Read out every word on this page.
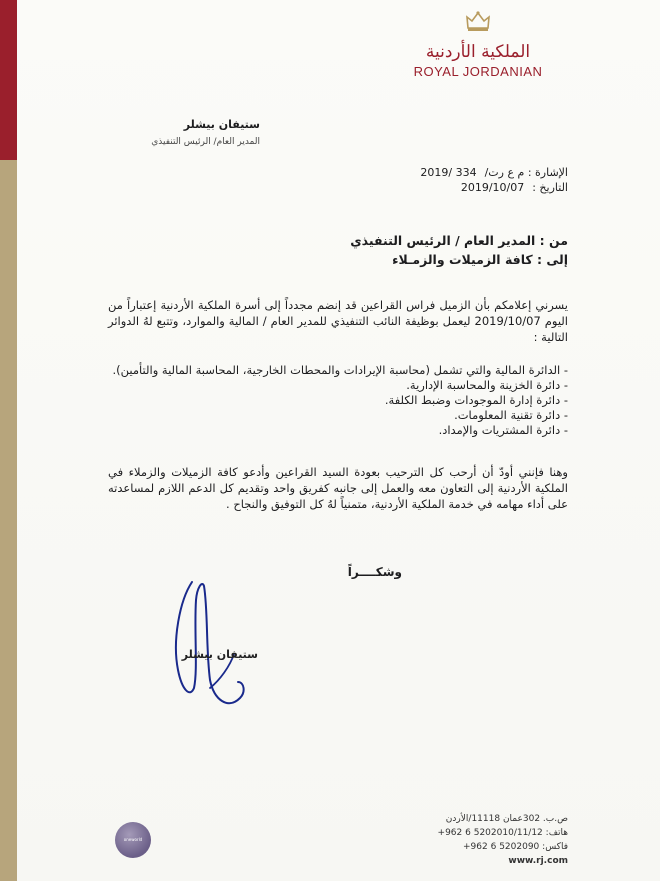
الملكية الأردنية
ROYAL JORDANIAN
ستيفان بيشلر
المدير العام/ الرئيس التنفيذي
الإشارة : م ع رت/
334 /2019
التاريخ :
2019/10/07
من : المدير العام / الرئيس التنفيذي
إلى : كافة الزميلات والزمـلاء

يسرني إعلامكم بأن الزميل فراس القراعين قد إنضم مجدداً إلى أسرة الملكية الأردنية إعتباراً من اليوم 2019/10/07 ليعمل بوظيفة النائب التنفيذي للمدير العام / المالية والموارد، وتتبع لهُ الدوائر التالية :

- الدائرة المالية والتي تشمل (محاسبة الإيرادات والمحطات الخارجية، المحاسبة المالية والتأمين).
- دائرة الخزينة والمحاسبة الإدارية.
- دائرة إدارة الموجودات وضبط الكلفة.
- دائرة تقنية المعلومات.
- دائرة المشتريات والإمداد.

وهنا فإنني أودّ أن أرحب كل الترحيب بعودة السيد القراعين وأدعو كافة الزميلات والزملاء في الملكية الأردنية إلى التعاون معه والعمل إلى جانبه كفريق واحد وتقديم كل الدعم اللازم لمساعدته على أداء مهامه في خدمة الملكية الأردنية، متمنياً لهُ كل التوفيق والنجاح .

وشكــــراً
ستيفان بيشلر
oneworld
ص.ب. 302عمان 11118/الأردن
هاتف: 5202010/11/12 6 962+
فاكس: 5202090 6 962+
www.rj.com
